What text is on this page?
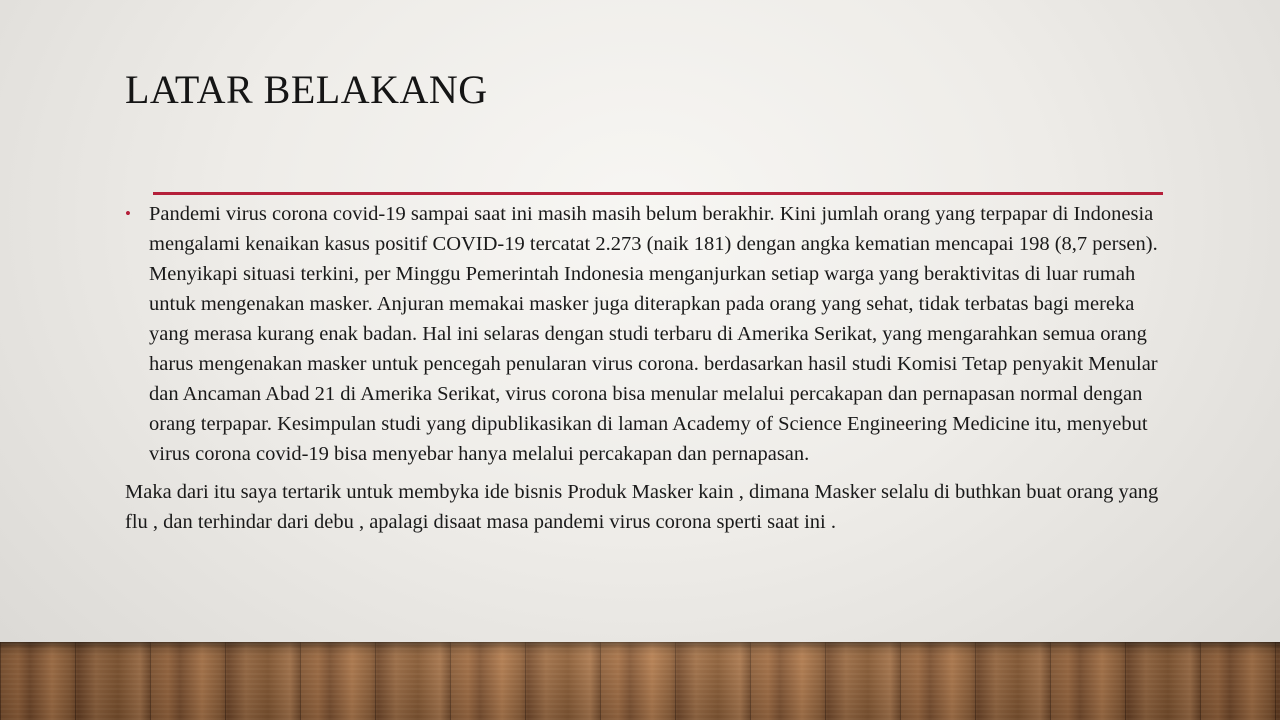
LATAR BELAKANG

• Pandemi virus corona covid-19 sampai saat ini masih masih belum berakhir. Kini jumlah orang yang terpapar di Indonesia mengalami kenaikan kasus positif COVID-19 tercatat 2.273 (naik 181) dengan angka kematian mencapai 198 (8,7 persen). Menyikapi situasi terkini, per Minggu Pemerintah Indonesia menganjurkan setiap warga yang beraktivitas di luar rumah untuk mengenakan masker. Anjuran memakai masker juga diterapkan pada orang yang sehat, tidak terbatas bagi mereka yang merasa kurang enak badan. Hal ini selaras dengan studi terbaru di Amerika Serikat, yang mengarahkan semua orang harus mengenakan masker untuk pencegah penularan virus corona. berdasarkan hasil studi Komisi Tetap penyakit Menular dan Ancaman Abad 21 di Amerika Serikat, virus corona bisa menular melalui percakapan dan pernapasan normal dengan orang terpapar. Kesimpulan studi yang dipublikasikan di laman Academy of Science Engineering Medicine itu, menyebut virus corona covid-19 bisa menyebar hanya melalui percakapan dan pernapasan.

Maka dari itu saya tertarik untuk membyka ide bisnis Produk Masker kain , dimana Masker selalu di buthkan buat orang yang flu , dan terhindar dari debu , apalagi disaat masa pandemi virus corona sperti saat ini .
